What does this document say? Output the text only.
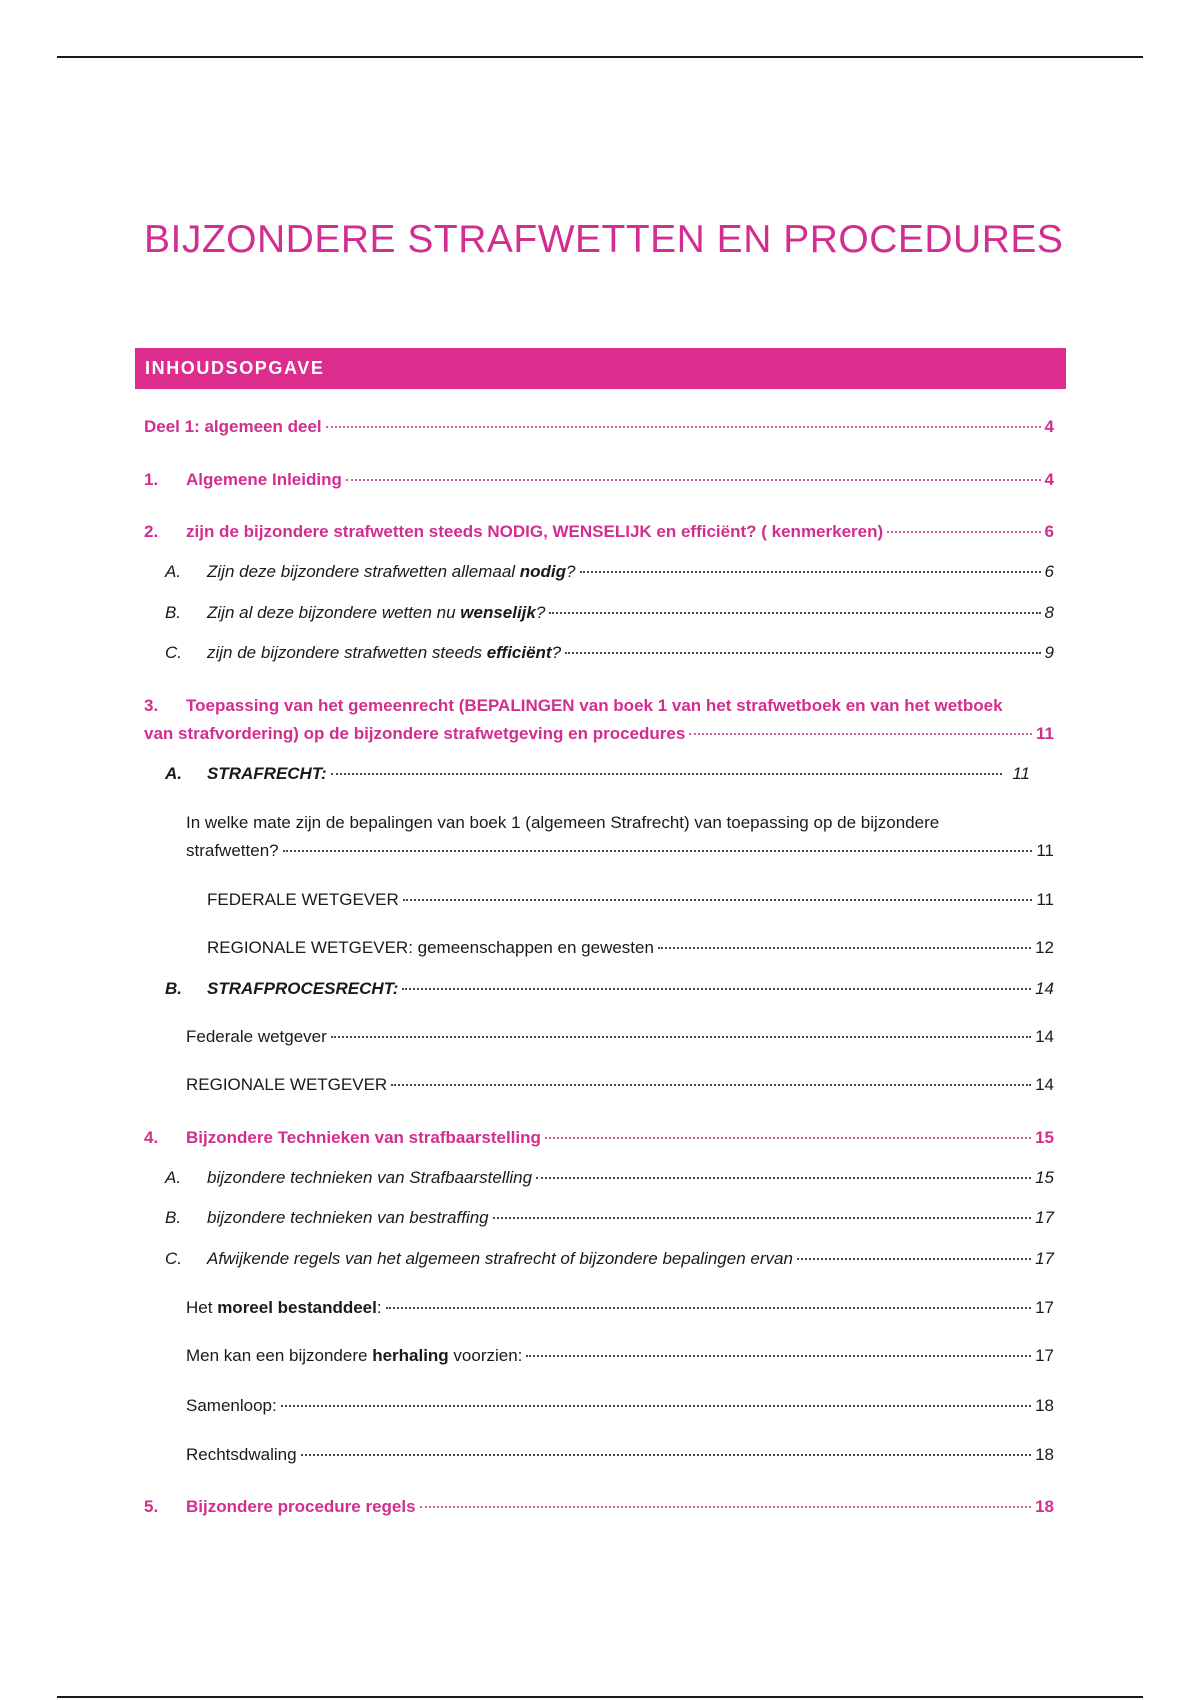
BIJZONDERE STRAFWETTEN EN PROCEDURES
INHOUDSOPGAVE
Deel 1: algemeen deel	4
1.	Algemene Inleiding	4
2.	zijn de bijzondere strafwetten steeds NODIG, WENSELIJK en efficiënt? ( kenmerkeren)	6
A.	Zijn deze bijzondere strafwetten allemaal nodig?	6
B.	Zijn al deze bijzondere wetten nu wenselijk?	8
C.	zijn de bijzondere strafwetten steeds efficiënt?	9
3. Toepassing van het gemeenrecht (BEPALINGEN van boek 1 van het strafwetboek en van het wetboek
van strafvordering) op de bijzondere strafwetgeving en procedures	11
A.	STRAFRECHT:	11
In welke mate zijn de bepalingen van boek 1 (algemeen Strafrecht) van toepassing op de bijzondere
strafwetten?	11
FEDERALE WETGEVER	11
REGIONALE WETGEVER: gemeenschappen en gewesten	12
B.	STRAFPROCESRECHT:	14
Federale wetgever	14
REGIONALE WETGEVER	14
4.	Bijzondere Technieken van strafbaarstelling	15
A.	bijzondere technieken van Strafbaarstelling	15
B.	bijzondere technieken van bestraffing	17
C.	Afwijkende regels van het algemeen strafrecht of bijzondere bepalingen ervan	17
Het moreel bestanddeel:	17
Men kan een bijzondere herhaling voorzien:	17
Samenloop:	18
Rechtsdwaling	18
5.	Bijzondere procedure regels	18
